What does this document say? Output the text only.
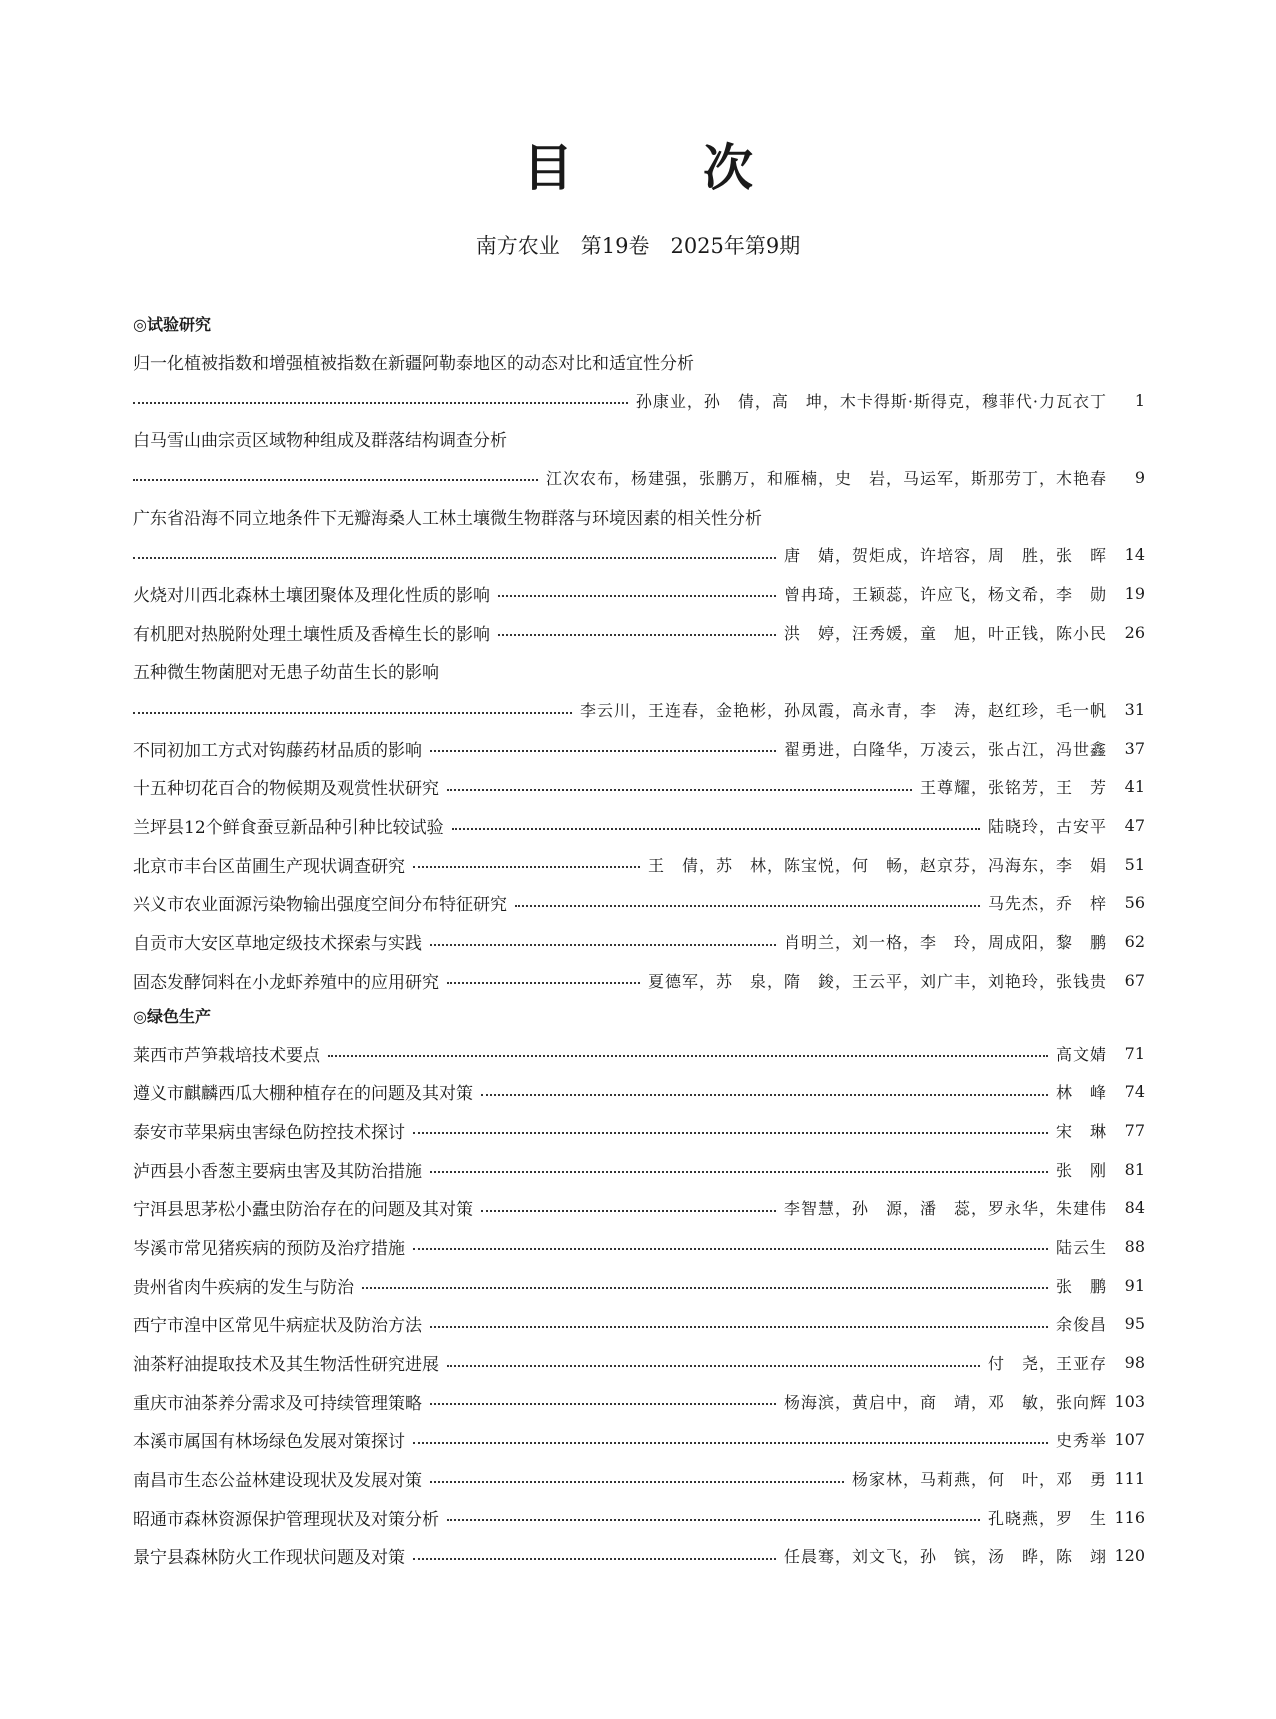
目　次
南方农业　第19卷　2025年第9期
◎试验研究
归一化植被指数和增强植被指数在新疆阿勒泰地区的动态对比和适宜性分析
孙康业，孙　倩，高　坤，木卡得斯·斯得克，穆菲代·力瓦衣丁	1
白马雪山曲宗贡区域物种组成及群落结构调查分析
江次农布，杨建强，张鹏万，和雁楠，史　岩，马运军，斯那劳丁，木艳春	9
广东省沿海不同立地条件下无瓣海桑人工林土壤微生物群落与环境因素的相关性分析
唐　婧，贺炬成，许培容，周　胜，张　晖	14
火烧对川西北森林土壤团聚体及理化性质的影响	曾冉琦，王颖蕊，许应飞，杨文希，李　勋	19
有机肥对热脱附处理土壤性质及香樟生长的影响	洪　婷，汪秀媛，童　旭，叶正钱，陈小民	26
五种微生物菌肥对无患子幼苗生长的影响
李云川，王连春，金艳彬，孙凤霞，高永青，李　涛，赵红珍，毛一帆	31
不同初加工方式对钩藤药材品质的影响	翟勇进，白隆华，万凌云，张占江，冯世鑫	37
十五种切花百合的物候期及观赏性状研究	王尊耀，张铭芳，王　芳	41
兰坪县12个鲜食蚕豆新品种引种比较试验	陆晓玲，古安平	47
北京市丰台区苗圃生产现状调查研究	王　倩，苏　林，陈宝悦，何　畅，赵京芬，冯海东，李　娟	51
兴义市农业面源污染物输出强度空间分布特征研究	马先杰，乔　梓	56
自贡市大安区草地定级技术探索与实践	肖明兰，刘一格，李　玲，周成阳，黎　鹏	62
固态发酵饲料在小龙虾养殖中的应用研究	夏德军，苏　泉，隋　鋑，王云平，刘广丰，刘艳玲，张钱贵	67
◎绿色生产
莱西市芦笋栽培技术要点	高文婧	71
遵义市麒麟西瓜大棚种植存在的问题及其对策	林　峰	74
泰安市苹果病虫害绿色防控技术探讨	宋　琳	77
泸西县小香葱主要病虫害及其防治措施	张　刚	81
宁洱县思茅松小蠹虫防治存在的问题及其对策	李智慧，孙　源，潘　蕊，罗永华，朱建伟	84
岑溪市常见猪疾病的预防及治疗措施	陆云生	88
贵州省肉牛疾病的发生与防治	张　鹏	91
西宁市湟中区常见牛病症状及防治方法	余俊昌	95
油茶籽油提取技术及其生物活性研究进展	付　尧，王亚存	98
重庆市油茶养分需求及可持续管理策略	杨海滨，黄启中，商　靖，邓　敏，张向辉 103
本溪市属国有林场绿色发展对策探讨	史秀举 107
南昌市生态公益林建设现状及发展对策	杨家林，马莉燕，何　叶，邓　勇 111
昭通市森林资源保护管理现状及对策分析	孔晓燕，罗　生 116
景宁县森林防火工作现状问题及对策	任晨骞，刘文飞，孙　镔，汤　晔，陈　翊 120
